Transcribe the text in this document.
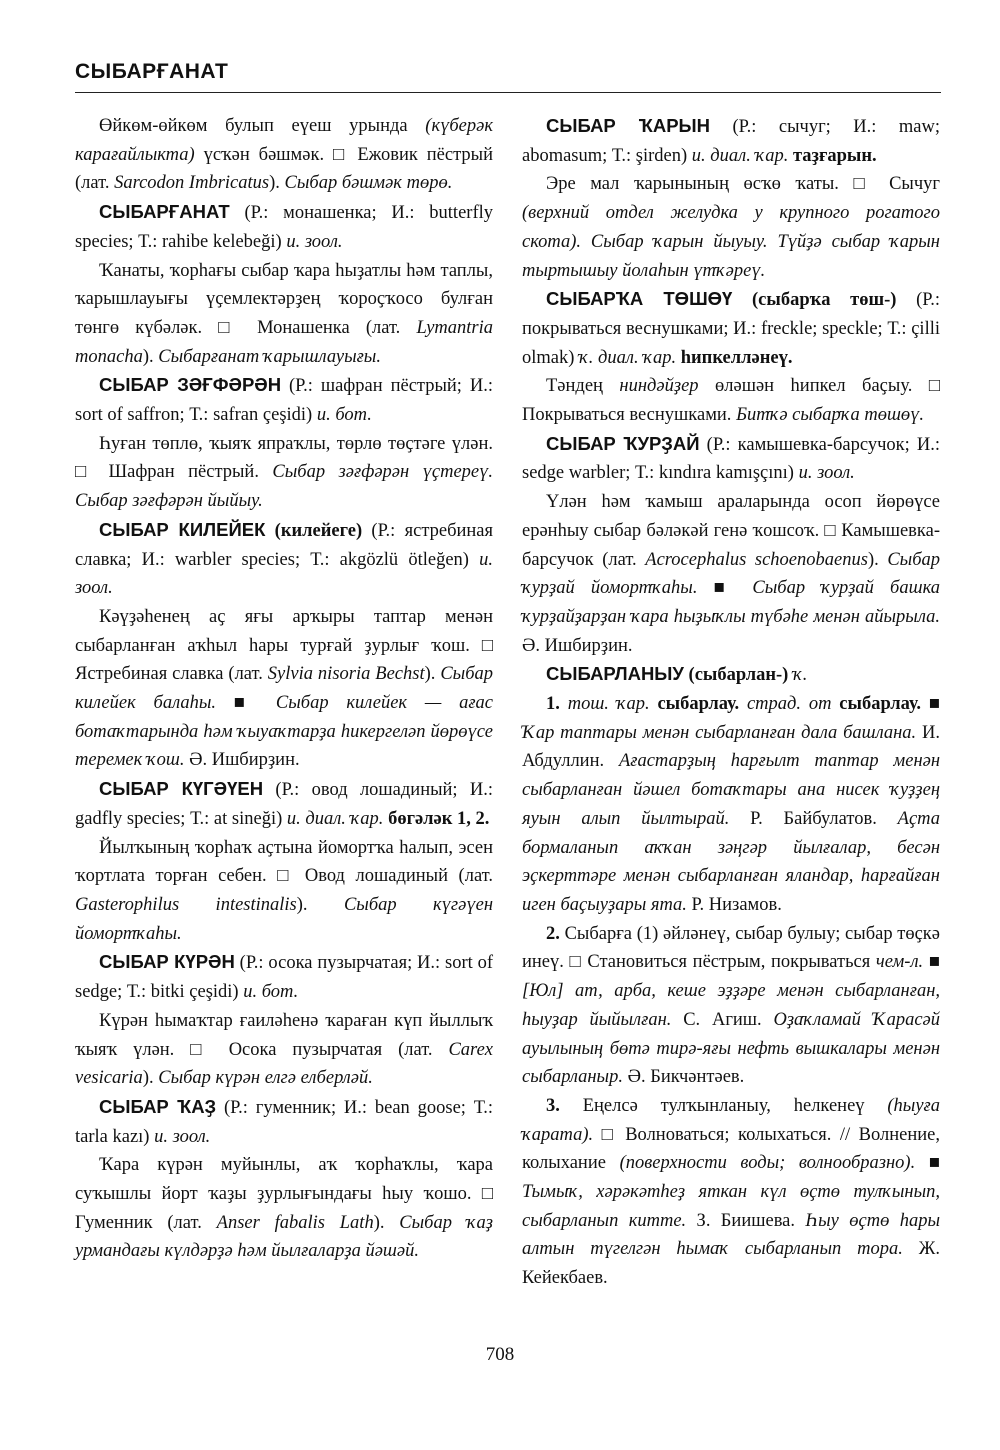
СЫБАРҒАНАТ

Өйкөм-өйкөм булып еүеш урында (күберәк карағайлыкта) үсҡән бәшмәк. □ Ежовик пёстрый (лат. Sarcodon Imbricatus). Сыбар бәшмәк төрө.

СЫБАРҒАНАТ (Р.: монашенка; И.: butterfly species; Т.: rahibe kelebeği) и. зоол.

Ҡанаты, ҡорһағы сыбар ҡара һыҙатлы һәм таплы, ҡарышлауығы үҫемлектәрҙең ҡороҫҡосо булған төнгө күбәләк. □ Монашенка (лат. Lymantria monacha). Сыбарғанат ҡарышлауығы.

СЫБАР ЗӘҒФӘРӘН (Р.: шафран пёстрый; И.: sort of saffron; Т.: safran çeşidi) и. бот.

Һуған төплө, ҡыяҡ япраҡлы, төрлө төҫтәге үлән. □ Шафран пёстрый. Сыбар зәғфәрән үҫтереү. Сыбар зәғфәрән йыйыу.

СЫБАР КИЛЕЙЕК (килейеге) (Р.: ястребиная славка; И.: warbler species; Т.: akgözlü ötleğen) и. зоол.

Кәүҙәһенең аҫ яғы арҡыры таптар менән сыбарланған аҡһыл һары турғай ҙурлығ ҡош. □ Ястребиная славка (лат. Sylvia nisoria Bechst). Сыбар килейек балаһы. ■ Сыбар килейек — ағас ботаҡтарында һәм ҡыуаҡтарҙа һикергеләп йөрөүсе теремек ҡош. Ә. Ишбирҙин.

СЫБАР КҮГӘҮЕН (Р.: овод лошадиный; И.: gadfly species; Т.: at sineği) и. диал. ҡар. бөгәләк 1, 2.

Йылҡының ҡорһаҡ аҫтына йомортҡа һалып, эсен ҡортлата торған себен. □ Овод лошадиный (лат. Gasterophilus intestinalis). Сыбар күгәүен йомортҡаһы.

СЫБАР КҮРӘН (Р.: осока пузырчатая; И.: sort of sedge; Т.: bitki çeşidi) и. бот.

Күрән һымаҡтар ғаиләһенә ҡараған күп йыллыҡ ҡыяҡ үлән. □ Осока пузырчатая (лат. Carex vesicaria). Сыбар күрән елгә елберләй.

СЫБАР ҠАҘ (Р.: гуменник; И.: bean goose; Т.: tarla kazı) и. зоол.

Ҡара күрән муйынлы, аҡ ҡорһаҡлы, ҡара суҡышлы йорт ҡаҙы ҙурлығындағы һыу ҡошо. □ Гуменник (лат. Anser fabalis Lath). Сыбар ҡаҙ урмандағы күлдәрҙә һәм йылғаларҙа йәшәй.

СЫБАР ҠАРЫН (Р.: сычуг; И.: maw; abomasum; Т.: şirden) и. диал. ҡар. таҙғарын.

Эре мал ҡарынының өсҡө ҡаты. □ Сычуг (верхний отдел желудка у крупного рогатого скота). Сыбар ҡарын йыуыу. Түйҙә сыбар ҡарын тыртышыу йолаһын үтҡәреү.

СЫБАРҠА ТӨШӨҮ (сыбарҡа төш-) (Р.: покрываться веснушками; И.: freckle; speckle; Т.: çilli olmak) ҡ. диал. ҡар. һипкелләнеү.

Тәндең ниндәйҙер өләшән һипкел баҫыу. □ Покрываться веснушками. Битҡә сыбарҡа төшөү.

СЫБАР ҠУРҘАЙ (Р.: камышевка-барсучок; И.: sedge warbler; Т.: kındıra kamışçını) и. зоол.

Үлән һәм ҡамыш араларында осоп йөрөүсе ерәнһыу сыбар бәләкәй генә ҡошсоҡ. □ Камышевка-барсучок (лат. Acrocephalus schoenobaenus). Сыбар ҡурҙай йомортҡаһы. ■ Сыбар ҡурҙай башка ҡурҙайҙарҙан ҡара һыҙыҡлы түбәһе менән айырыла. Ә. Ишбирҙин.

СЫБАРЛАНЫУ (сыбарлан-) ҡ.

1. тош. ҡар. сыбарлау. страд. от сыбарлау. ■ Ҡар таптары менән сыбарланған дала башлана. И. Абдуллин. Ағастарҙың һарғылт таптар менән сыбарланған йәшел ботаҡтары ана нисек ҡуҙҙең яуын алып йылтырай. Р. Байбулатов. Аҫта бормаланып аҡҡан зәңгәр йылғалар, бесән эҫкерттәре менән сыбарланған яландар, һарғайған иген баҫыуҙары ята. Р. Низамов.

2. Сыбарға (1) әйләнеү, сыбар булыу; сыбар төҫкә инеү. □ Становиться пёстрым, покрываться чем-л. ■ [Юл] ат, арба, кеше эҙҙәре менән сыбарланған, һыуҙар йыйылған. С. Агиш. Оҙаҡламай Ҡарасәй ауылының бөтә тирә-яғы нефть вышкалары менән сыбарланыр. Ә. Бикчәнтәев.

3. Еңелсә тулҡынланыу, һелкенеү (һыуға ҡарата). □ Волноваться; колыхаться. // Волнение, колыхание (поверхности воды; волнообразно). ■ Тымыҡ, хәрәкәтһеҙ яткан күл өҫтө тулҡынып, сыбарланып китте. З. Биишева. Һыу өҫтө һары алтын түгелгән һымаҡ сыбарланып тора. Ж. Кейекбаев.

708
